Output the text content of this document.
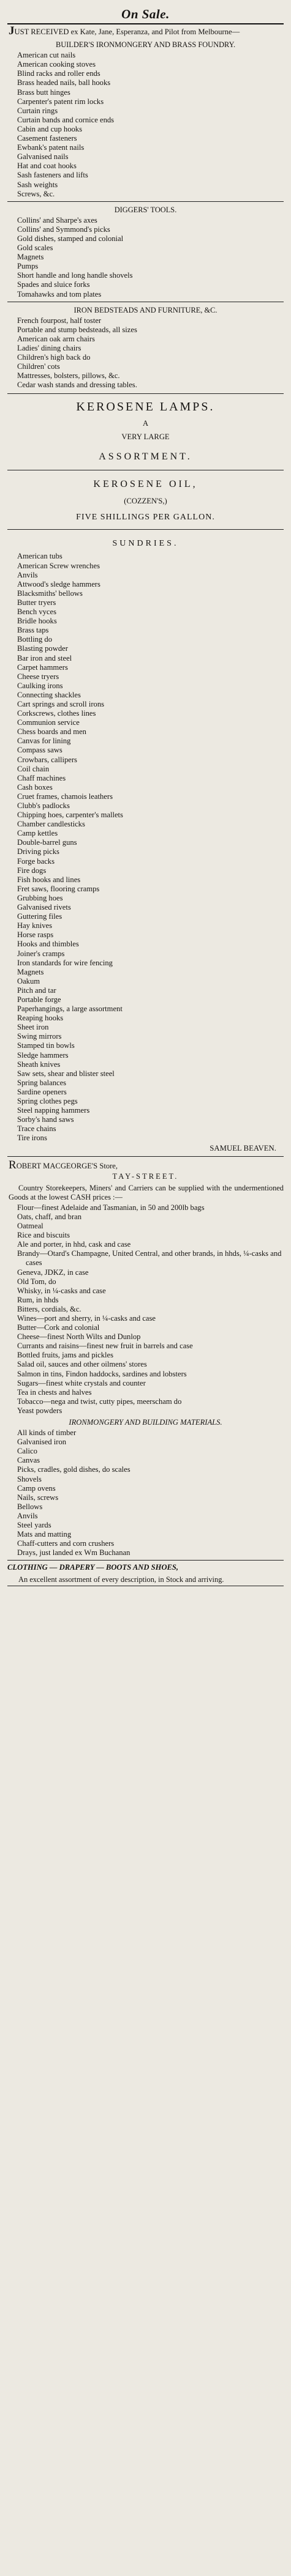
On Sale.
JUST RECEIVED ex Kate, Jane, Esperanza, and Pilot from Melbourne—
BUILDER'S IRONMONGERY AND BRASS FOUNDRY.
American cut nails
American cooking stoves
Blind racks and roller ends
Brass headed nails, ball hooks
Brass butt hinges
Carpenter's patent rim locks
Curtain rings
Curtain bands and cornice ends
Cabin and cup hooks
Casement fasteners
Ewbank's patent nails
Galvanised nails
Hat and coat hooks
Sash fasteners and lifts
Sash weights
Screws, &c.
DIGGERS' TOOLS.
Collins' and Sharpe's axes
Collins' and Symmond's picks
Gold dishes, stamped and colonial
Gold scales
Magnets
Pumps
Short handle and long handle shovels
Spades and sluice forks
Tomahawks and tom plates
IRON BEDSTEADS AND FURNITURE, &C.
French fourpost, half toster
Portable and stump bedsteads, all sizes
American oak arm chairs
Ladies' dining chairs
Children's high back do
Children' cots
Mattresses, bolsters, pillows, &c.
Cedar wash stands and dressing tables.
KEROSENE LAMPS.
A
VERY LARGE
ASSORTMENT.
KEROSENE OIL,
(COZZEN'S,)
FIVE SHILLINGS PER GALLON.
SUNDRIES.
American tubs
American Screw wrenches
Anvils
Attwood's sledge hammers
Blacksmiths' bellows
Butter tryers
Bench vyces
Bridle hooks
Brass taps
Bottling do
Blasting powder
Bar iron and steel
Carpet hammers
Cheese tryers
Caulking irons
Connecting shackles
Cart springs and scroll irons
Corkscrews, clothes lines
Communion service
Chess boards and men
Canvas for lining
Compass saws
Crowbars, callipers
Coil chain
Chaff machines
Cash boxes
Cruet frames, chamois leathers
Clubb's padlocks
Chipping hoes, carpenter's mallets
Chamber candlesticks
Camp kettles
Double-barrel guns
Driving picks
Forge backs
Fire dogs
Fish hooks and lines
Fret saws, flooring cramps
Grubbing hoes
Galvanised rivets
Guttering files
Hay knives
Horse rasps
Hooks and thimbles
Joiner's cramps
Iron standards for wire fencing
Magnets
Oakum
Pitch and tar
Portable forge
Paperhangings, a large assortment
Reaping hooks
Sheet iron
Swing mirrors
Stamped tin bowls
Sledge hammers
Sheath knives
Saw sets, shear and blister steel
Spring balances
Sardine openers
Spring clothes pegs
Steel napping hammers
Sorby's hand saws
Trace chains
Tire irons
SAMUEL BEAVEN.
ROBERT MACGEORGE'S Store,
TAY-STREET.
Country Storekeepers, Miners' and Carriers can be supplied with the undermentioned Goods at the lowest CASH prices :—
Flour—finest Adelaide and Tasmanian, in 50 and 200lb bags
Oats, chaff, and bran
Oatmeal
Rice and biscuits
Ale and porter, in hhd, cask and case
Brandy—Otard's Champagne, United Central, and other brands, in hhds, ¼-casks and cases
Geneva, JDKZ, in case
Old Tom, do
Whisky, in ¼-casks and case
Rum, in hhds
Bitters, cordials, &c.
Wines—port and sherry, in ¼-casks and case
Butter—Cork and colonial
Cheese—finest North Wilts and Dunlop
Currants and raisins—finest new fruit in barrels and case
Bottled fruits, jams and pickles
Salad oil, sauces and other oilmens' stores
Salmon in tins, Findon haddocks, sardines and lobsters
Sugars—finest white crystals and counter
Tea in chests and halves
Tobacco—nega and twist, cutty pipes, meerscham do
Yeast powders
IRONMONGERY AND BUILDING MATERIALS.
All kinds of timber
Galvanised iron
Calico
Canvas
Picks, cradles, gold dishes, do scales
Shovels
Camp ovens
Nails, screws
Bellows
Anvils
Steel yards
Mats and matting
Chaff-cutters and corn crushers
Drays, just landed ex Wm Buchanan
CLOTHING — DRAPERY — BOOTS AND SHOES,
An excellent assortment of every description, in Stock and arriving.
